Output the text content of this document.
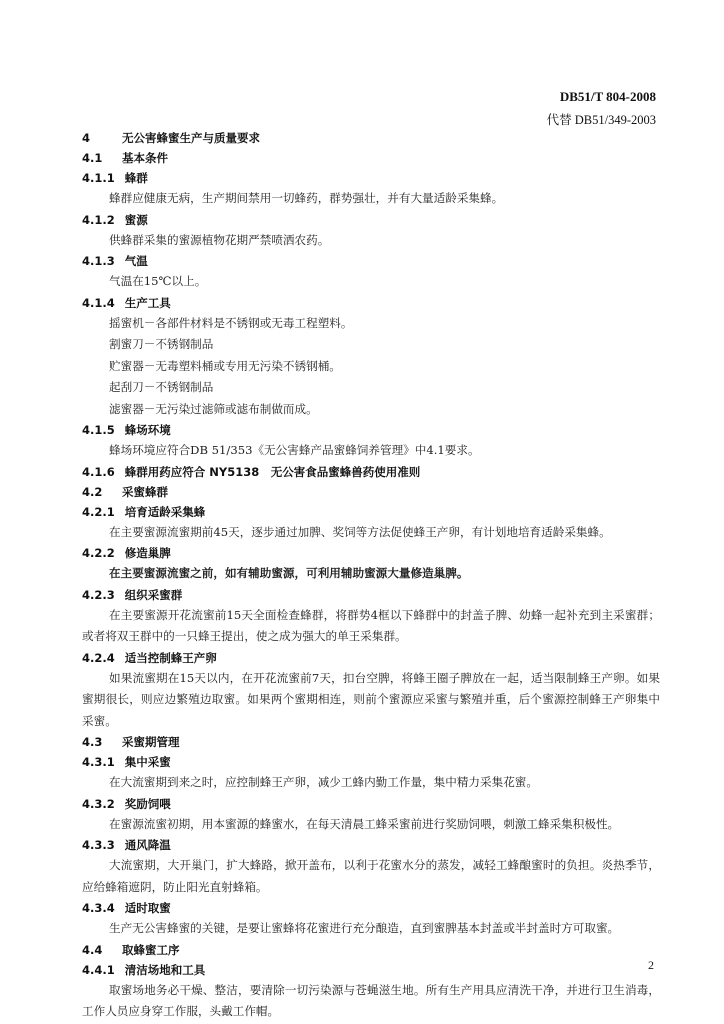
DB51/T 804-2008
代替 DB51/349-2003
4	无公害蜂蜜生产与质量要求
4.1 基本条件
4.1.1 蜂群
蜂群应健康无病，生产期间禁用一切蜂药，群势强壮，并有大量适龄采集蜂。
4.1.2 蜜源
供蜂群采集的蜜源植物花期严禁喷洒农药。
4.1.3 气温
气温在15℃以上。
4.1.4 生产工具
摇蜜机－各部件材料是不锈钢或无毒工程塑料。
割蜜刀－不锈钢制品
贮蜜器－无毒塑料桶或专用无污染不锈钢桶。
起刮刀－不锈钢制品
滤蜜器－无污染过滤筛或滤布制做而成。
4.1.5 蜂场环境
蜂场环境应符合DB 51/353《无公害蜂产品蜜蜂饲养管理》中4.1要求。
4.1.6 蜂群用药应符合 NY5138　无公害食品蜜蜂兽药使用准则
4.2 采蜜蜂群
4.2.1 培育适龄采集蜂
在主要蜜源流蜜期前45天，逐步通过加脾、奖饲等方法促使蜂王产卵，有计划地培育适龄采集蜂。
4.2.2 修造巢脾
在主要蜜源流蜜之前，如有辅助蜜源，可利用辅助蜜源大量修造巢脾。
4.2.3 组织采蜜群
在主要蜜源开花流蜜前15天全面检查蜂群，将群势4框以下蜂群中的封盖子脾、幼蜂一起补充到主采蜜群；或者将双王群中的一只蜂王提出，使之成为强大的单王采集群。
4.2.4 适当控制蜂王产卵
如果流蜜期在15天以内，在开花流蜜前7天，扣台空脾，将蜂王圈子脾放在一起，适当限制蜂王产卵。如果蜜期很长，则应边繁殖边取蜜。如果两个蜜期相连，则前个蜜源应采蜜与繁殖并重，后个蜜源控制蜂王产卵集中采蜜。
4.3 采蜜期管理
4.3.1 集中采蜜
在大流蜜期到来之时，应控制蜂王产卵，减少工蜂内勤工作量，集中精力采集花蜜。
4.3.2 奖励饲喂
在蜜源流蜜初期，用本蜜源的蜂蜜水，在每天清晨工蜂采蜜前进行奖励饲喂，刺激工蜂采集积极性。
4.3.3 通风降温
大流蜜期，大开巢门，扩大蜂路，掀开盖布，以利于花蜜水分的蒸发，减轻工蜂酿蜜时的负担。炎热季节，应给蜂箱遮阴，防止阳光直射蜂箱。
4.3.4 适时取蜜
生产无公害蜂蜜的关键，是要让蜜蜂将花蜜进行充分酿造，直到蜜脾基本封盖或半封盖时方可取蜜。
4.4 取蜂蜜工序
4.4.1 清洁场地和工具
取蜜场地务必干燥、整洁，要清除一切污染源与苍蝇滋生地。所有生产用具应清洗干净，并进行卫生消毒，工作人员应身穿工作服，头戴工作帽。
2
